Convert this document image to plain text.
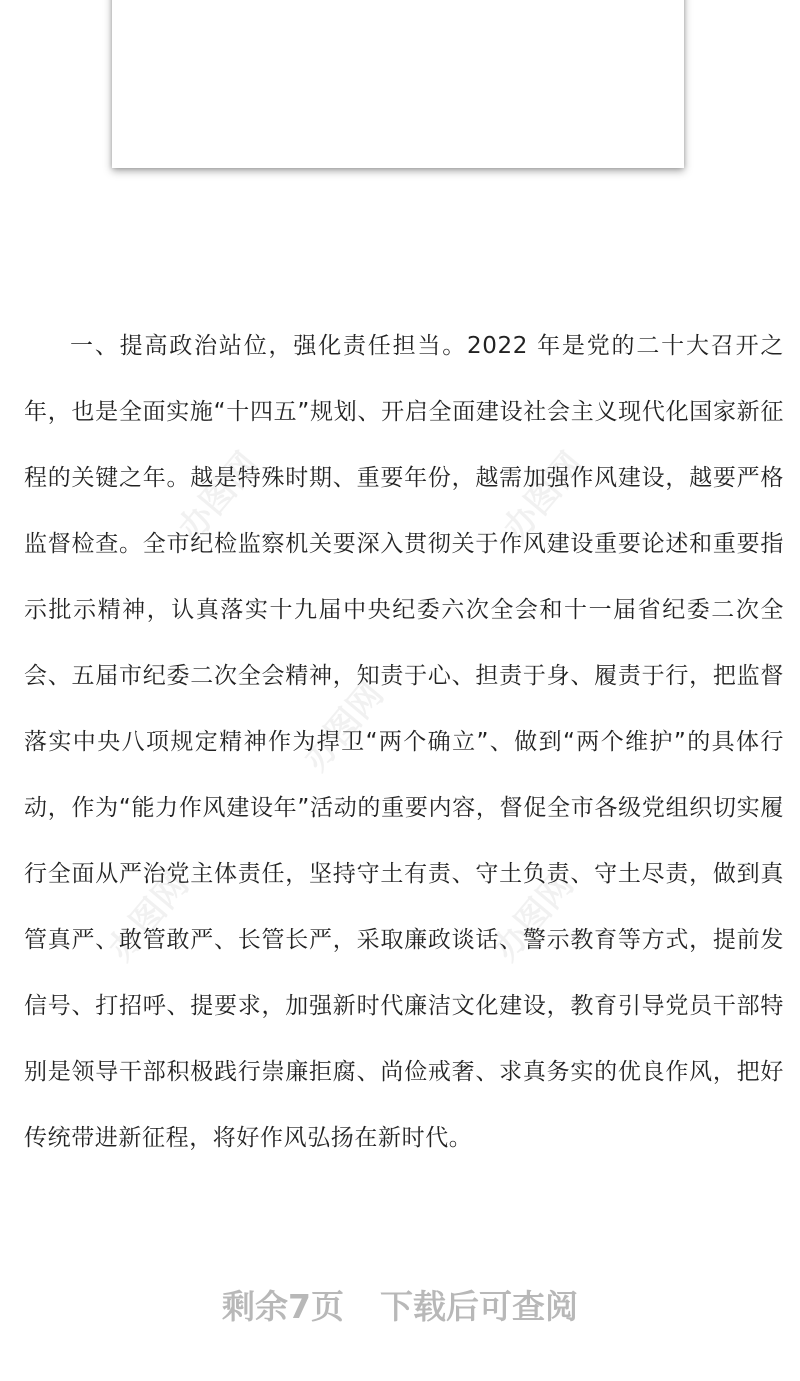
一、提高政治站位，强化责任担当。2022 年是党的二十大召开之年，也是全面实施“十四五”规划、开启全面建设社会主义现代化国家新征程的关键之年。越是特殊时期、重要年份，越需加强作风建设，越要严格监督检查。全市纪检监察机关要深入贯彻关于作风建设重要论述和重要指示批示精神，认真落实十九届中央纪委六次全会和十一届省纪委二次全会、五届市纪委二次全会精神，知责于心、担责于身、履责于行，把监督落实中央八项规定精神作为捍卫“两个确立”、做到“两个维护”的具体行动，作为“能力作风建设年”活动的重要内容，督促全市各级党组织切实履行全面从严治党主体责任，坚持守土有责、守土负责、守土尽责，做到真管真严、敢管敢严、长管长严，采取廉政谈话、警示教育等方式，提前发信号、打招呼、提要求，加强新时代廉洁文化建设，教育引导党员干部特别是领导干部积极践行崇廉拒腐、尚俭戒奢、求真务实的优良作风，把好传统带进新征程，将好作风弘扬在新时代。

办图网	办图网
办图网
办图网	办图网
剩余7页 下载后可查阅
